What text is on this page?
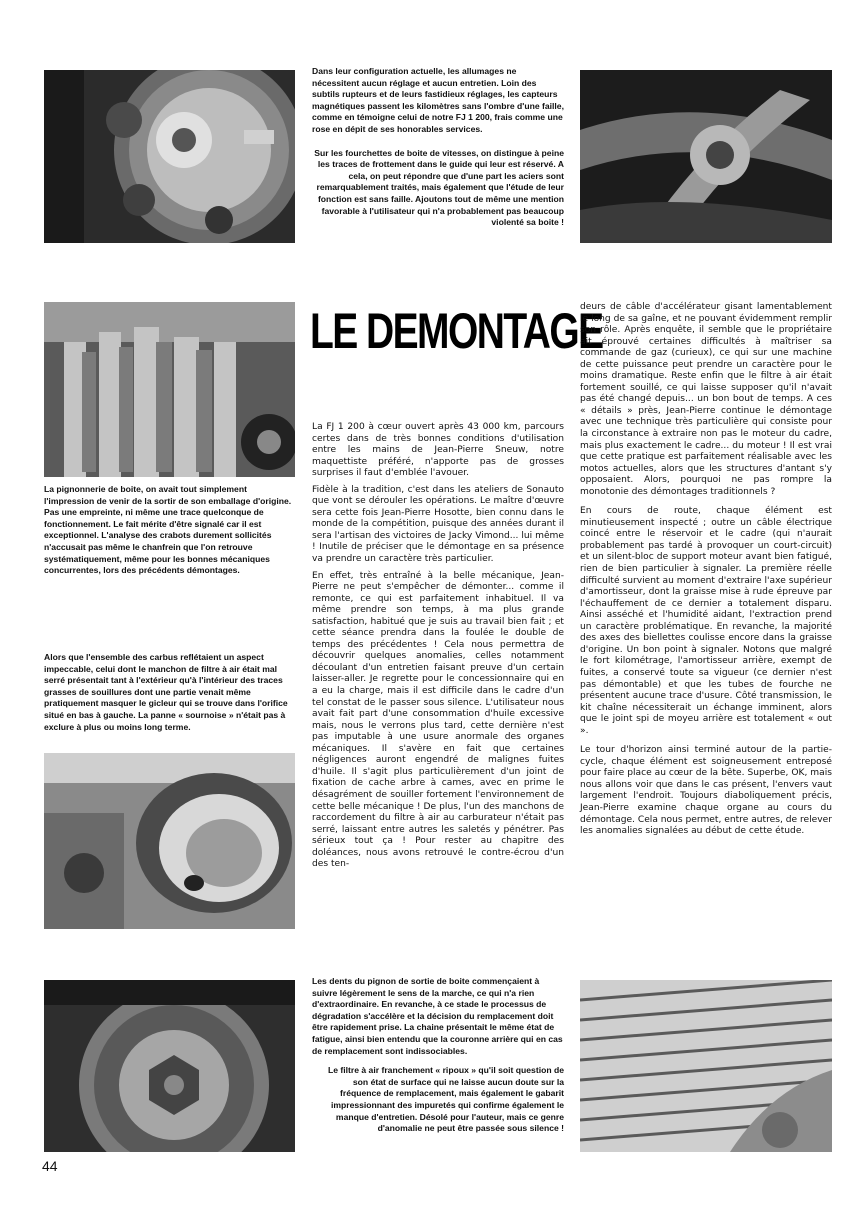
Dans leur configuration actuelle, les allumages ne nécessitent aucun réglage et aucun entretien. Loin des subtils rupteurs et de leurs fastidieux réglages, les capteurs magnétiques passent les kilomètres sans l'ombre d'une faille, comme en témoigne celui de notre FJ 1 200, frais comme une rose en dépit de ses honorables services.

Sur les fourchettes de boite de vitesses, on distingue à peine les traces de frottement dans le guide qui leur est réservé. A cela, on peut répondre que d'une part les aciers sont remarquablement traités, mais également que l'étude de leur fonction est sans faille. Ajoutons tout de même une mention favorable à l'utilisateur qui n'a probablement pas beaucoup violenté sa boite !

La pignonnerie de boite, on avait tout simplement l'impression de venir de la sortir de son emballage d'origine. Pas une empreinte, ni même une trace quelconque de fonctionnement. Le fait mérite d'être signalé car il est exceptionnel. L'analyse des crabots durement sollicités n'accusait pas même le chanfrein que l'on retrouve systématiquement, même pour les bonnes mécaniques concurrentes, lors des précédents démontages.

Alors que l'ensemble des carbus reflétaient un aspect impeccable, celui dont le manchon de filtre à air était mal serré présentait tant à l'extérieur qu'à l'intérieur des traces grasses de souillures dont une partie venait même pratiquement masquer le gicleur qui se trouve dans l'orifice situé en bas à gauche. La panne « sournoise » n'était pas à exclure à plus ou moins long terme.

LE DEMONTAGE

La FJ 1 200 à cœur ouvert après 43 000 km, parcours certes dans de très bonnes conditions d'utilisation entre les mains de Jean-Pierre Sneuw, notre maquettiste préféré, n'apporte pas de grosses surprises il faut d'emblée l'avouer.

Fidèle à la tradition, c'est dans les ateliers de Sonauto que vont se dérouler les opérations. Le maître d'œuvre sera cette fois Jean-Pierre Hosotte, bien connu dans le monde de la compétition, puisque des années durant il sera l'artisan des victoires de Jacky Vimond... lui même ! Inutile de préciser que le démontage en sa présence va prendre un caractère très particulier.

En effet, très entraîné à la belle mécanique, Jean-Pierre ne peut s'empêcher de démonter... comme il remonte, ce qui est parfaitement inhabituel. Il va même prendre son temps, à ma plus grande satisfaction, habitué que je suis au travail bien fait ; et cette séance prendra dans la foulée le double de temps des précédentes ! Cela nous permettra de découvrir quelques anomalies, celles notamment découlant d'un entretien faisant preuve d'un certain laisser-aller. Je regrette pour le concessionnaire qui en a eu la charge, mais il est difficile dans le cadre d'un tel constat de le passer sous silence. L'utilisateur nous avait fait part d'une consommation d'huile excessive mais, nous le verrons plus tard, cette dernière n'est pas imputable à une usure anormale des organes mécaniques. Il s'avère en fait que certaines négligences auront engendré de malignes fuites d'huile. Il s'agit plus particulièrement d'un joint de fixation de cache arbre à cames, avec en prime le désagrément de souiller fortement l'environnement de cette belle mécanique ! De plus, l'un des manchons de raccordement du filtre à air au carburateur n'était pas serré, laissant entre autres les saletés y pénétrer. Pas sérieux tout ça ! Pour rester au chapitre des doléances, nous avons retrouvé le contre-écrou d'un des ten-

deurs de câble d'accélérateur gisant lamentablement le long de sa gaîne, et ne pouvant évidemment remplir son rôle. Après enquête, il semble que le propriétaire ait éprouvé certaines difficultés à maîtriser sa commande de gaz (curieux), ce qui sur une machine de cette puissance peut prendre un caractère pour le moins dramatique. Reste enfin que le filtre à air était fortement souillé, ce qui laisse supposer qu'il n'avait pas été changé depuis... un bon bout de temps. A ces « détails » près, Jean-Pierre continue le démontage avec une technique très particulière qui consiste pour la circonstance à extraire non pas le moteur du cadre, mais plus exactement le cadre... du moteur ! Il est vrai que cette pratique est parfaitement réalisable avec les motos actuelles, alors que les structures d'antant s'y opposaient. Alors, pourquoi ne pas rompre la monotonie des démontages traditionnels ?

En cours de route, chaque élément est minutieusement inspecté ; outre un câble électrique coincé entre le réservoir et le cadre (qui n'aurait probablement pas tardé à provoquer un court-circuit) et un silent-bloc de support moteur avant bien fatigué, rien de bien particulier à signaler. La première réelle difficulté survient au moment d'extraire l'axe supérieur d'amortisseur, dont la graisse mise à rude épreuve par l'échauffement de ce dernier a totalement disparu. Ainsi asséché et l'humidité aidant, l'extraction prend un caractère problématique. En revanche, la majorité des axes des biellettes coulisse encore dans la graisse d'origine. Un bon point à signaler. Notons que malgré le fort kilométrage, l'amortisseur arrière, exempt de fuites, a conservé toute sa vigueur (ce dernier n'est pas démontable) et que les tubes de fourche ne présentent aucune trace d'usure. Côté transmission, le kit chaîne nécessiterait un échange imminent, alors que le joint spi de moyeu arrière est totalement « out ».

Le tour d'horizon ainsi terminé autour de la partie-cycle, chaque élément est soigneusement entreposé pour faire place au cœur de la bête. Superbe, OK, mais nous allons voir que dans le cas présent, l'envers vaut largement l'endroit. Toujours diaboliquement précis, Jean-Pierre examine chaque organe au cours du démontage. Cela nous permet, entre autres, de relever les anomalies signalées au début de cette étude.

Les dents du pignon de sortie de boite commençaient à suivre légèrement le sens de la marche, ce qui n'a rien d'extraordinaire. En revanche, à ce stade le processus de dégradation s'accélère et la décision du remplacement doit être rapidement prise. La chaine présentait le même état de fatigue, ainsi bien entendu que la couronne arrière qui en cas de remplacement sont indissociables.

Le filtre à air franchement « ripoux » qu'il soit question de son état de surface qui ne laisse aucun doute sur la fréquence de remplacement, mais également le gabarit impressionnant des impuretés qui confirme également le manque d'entretien. Désolé pour l'auteur, mais ce genre d'anomalie ne peut être passée sous silence !

44
